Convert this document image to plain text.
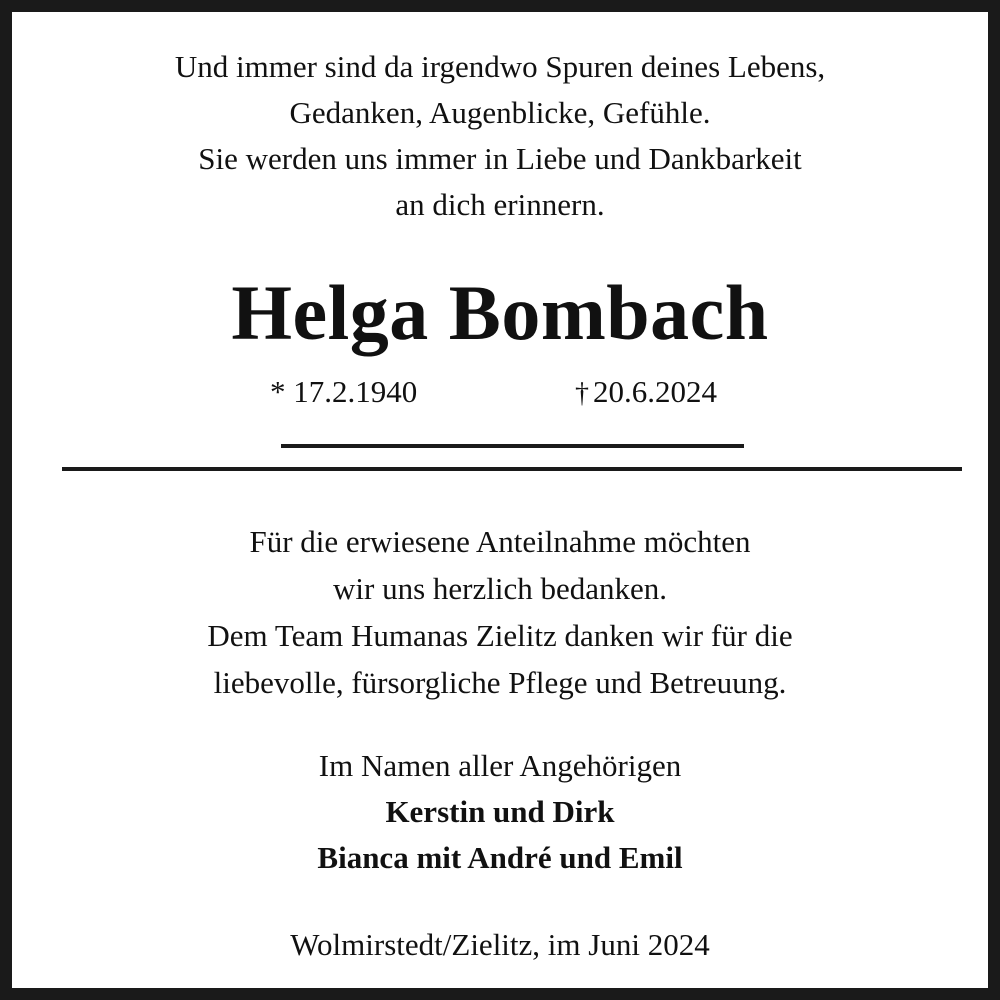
Und immer sind da irgendwo Spuren deines Lebens,
Gedanken, Augenblicke, Gefühle.
Sie werden uns immer in Liebe und Dankbarkeit
an dich erinnern.
Helga Bombach
* 17.2.1940	† 20.6.2024
Für die erwiesene Anteilnahme möchten
wir uns herzlich bedanken.
Dem Team Humanas Zielitz danken wir für die
liebevolle, fürsorgliche Pflege und Betreuung.
Im Namen aller Angehörigen
Kerstin und Dirk
Bianca mit André und Emil
Wolmirstedt/Zielitz, im Juni 2024
